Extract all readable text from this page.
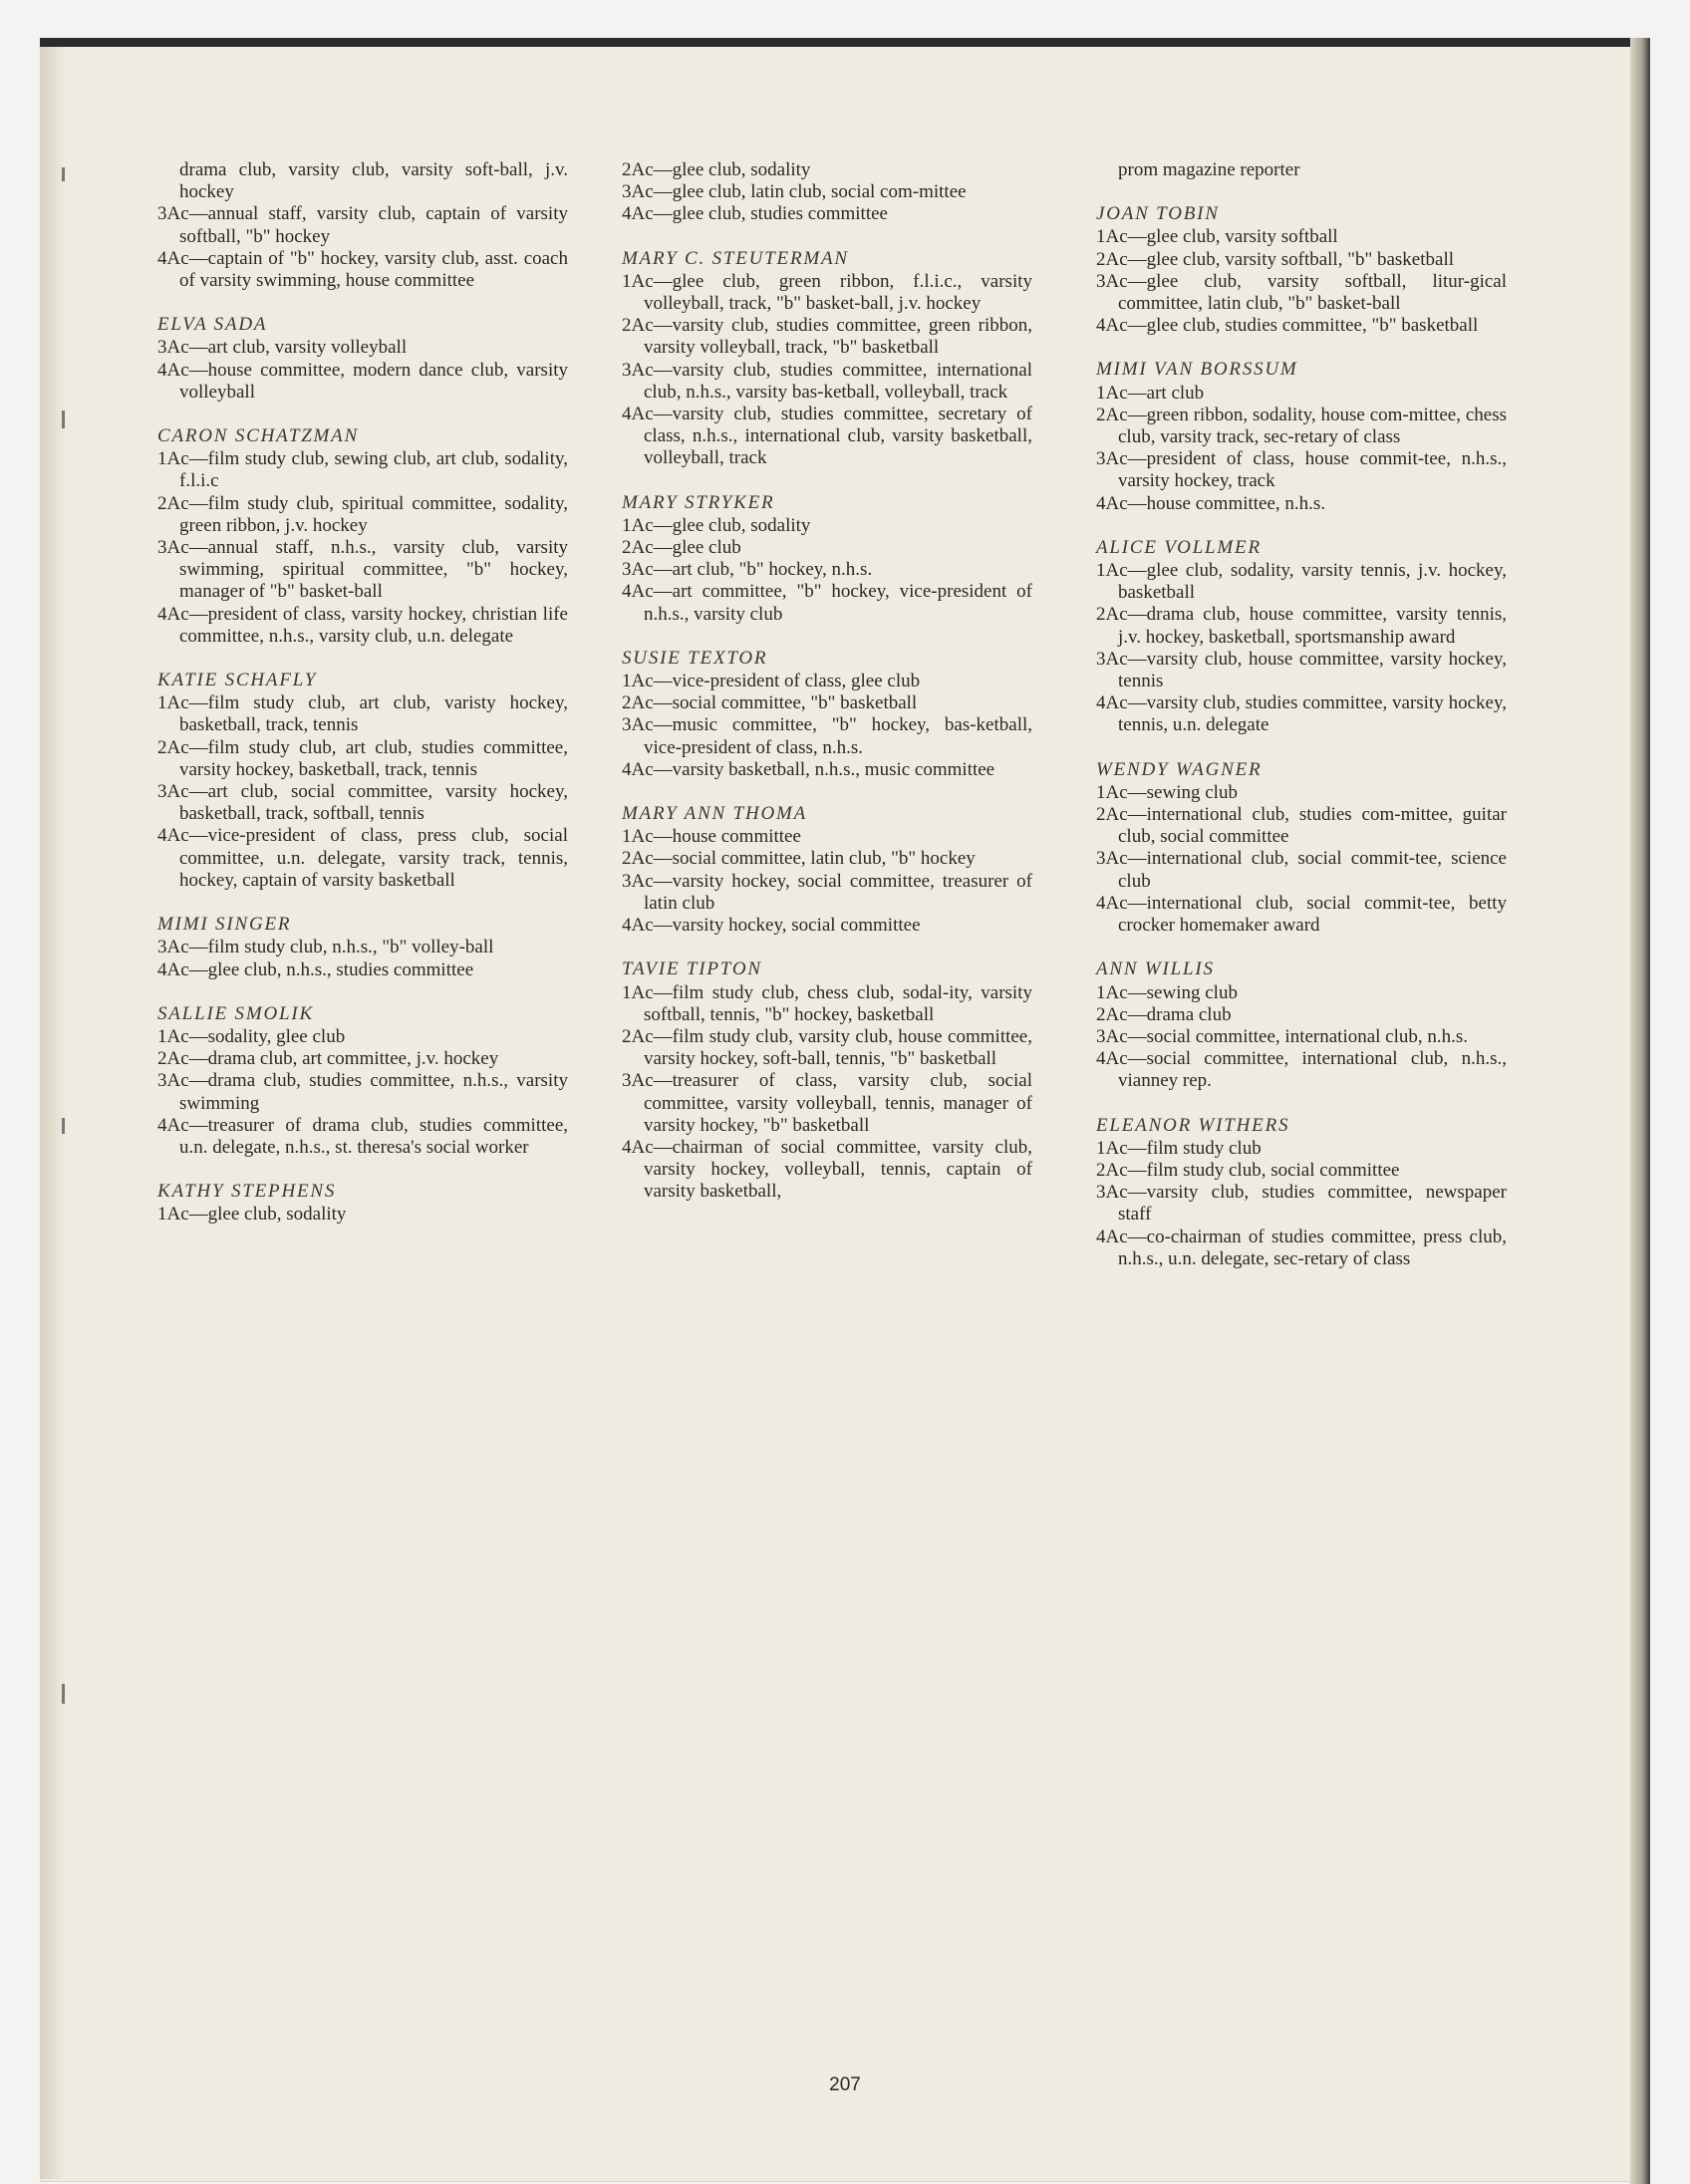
drama club, varsity club, varsity soft-ball, j.v. hockey
3Ac—annual staff, varsity club, captain of varsity softball, "b" hockey
4Ac—captain of "b" hockey, varsity club, asst. coach of varsity swimming, house committee
ELVA SADA
3Ac—art club, varsity volleyball
4Ac—house committee, modern dance club, varsity volleyball
CARON SCHATZMAN
1Ac—film study club, sewing club, art club, sodality, f.l.i.c
2Ac—film study club, spiritual committee, sodality, green ribbon, j.v. hockey
3Ac—annual staff, n.h.s., varsity club, varsity swimming, spiritual committee, "b" hockey, manager of "b" basket-ball
4Ac—president of class, varsity hockey, christian life committee, n.h.s., varsity club, u.n. delegate
KATIE SCHAFLY
1Ac—film study club, art club, varisty hockey, basketball, track, tennis
2Ac—film study club, art club, studies committee, varsity hockey, basketball, track, tennis
3Ac—art club, social committee, varsity hockey, basketball, track, softball, tennis
4Ac—vice-president of class, press club, social committee, u.n. delegate, varsity track, tennis, hockey, captain of varsity basketball
MIMI SINGER
3Ac—film study club, n.h.s., "b" volley-ball
4Ac—glee club, n.h.s., studies committee
SALLIE SMOLIK
1Ac—sodality, glee club
2Ac—drama club, art committee, j.v. hockey
3Ac—drama club, studies committee, n.h.s., varsity swimming
4Ac—treasurer of drama club, studies committee, u.n. delegate, n.h.s., st. theresa's social worker
KATHY STEPHENS
1Ac—glee club, sodality
2Ac—glee club, sodality
3Ac—glee club, latin club, social com-mittee
4Ac—glee club, studies committee
MARY C. STEUTERMAN
1Ac—glee club, green ribbon, f.l.i.c., varsity volleyball, track, "b" basket-ball, j.v. hockey
2Ac—varsity club, studies committee, green ribbon, varsity volleyball, track, "b" basketball
3Ac—varsity club, studies committee, international club, n.h.s., varsity bas-ketball, volleyball, track
4Ac—varsity club, studies committee, secretary of class, n.h.s., international club, varsity basketball, volleyball, track
MARY STRYKER
1Ac—glee club, sodality
2Ac—glee club
3Ac—art club, "b" hockey, n.h.s.
4Ac—art committee, "b" hockey, vice-president of n.h.s., varsity club
SUSIE TEXTOR
1Ac—vice-president of class, glee club
2Ac—social committee, "b" basketball
3Ac—music committee, "b" hockey, bas-ketball, vice-president of class, n.h.s.
4Ac—varsity basketball, n.h.s., music committee
MARY ANN THOMA
1Ac—house committee
2Ac—social committee, latin club, "b" hockey
3Ac—varsity hockey, social committee, treasurer of latin club
4Ac—varsity hockey, social committee
TAVIE TIPTON
1Ac—film study club, chess club, sodal-ity, varsity softball, tennis, "b" hockey, basketball
2Ac—film study club, varsity club, house committee, varsity hockey, soft-ball, tennis, "b" basketball
3Ac—treasurer of class, varsity club, social committee, varsity volleyball, tennis, manager of varsity hockey, "b" basketball
4Ac—chairman of social committee, varsity club, varsity hockey, volleyball, tennis, captain of varsity basketball,
prom magazine reporter
JOAN TOBIN
1Ac—glee club, varsity softball
2Ac—glee club, varsity softball, "b" basketball
3Ac—glee club, varsity softball, litur-gical committee, latin club, "b" basket-ball
4Ac—glee club, studies committee, "b" basketball
MIMI VAN BORSSUM
1Ac—art club
2Ac—green ribbon, sodality, house com-mittee, chess club, varsity track, sec-retary of class
3Ac—president of class, house commit-tee, n.h.s., varsity hockey, track
4Ac—house committee, n.h.s.
ALICE VOLLMER
1Ac—glee club, sodality, varsity tennis, j.v. hockey, basketball
2Ac—drama club, house committee, varsity tennis, j.v. hockey, basketball, sportsmanship award
3Ac—varsity club, house committee, varsity hockey, tennis
4Ac—varsity club, studies committee, varsity hockey, tennis, u.n. delegate
WENDY WAGNER
1Ac—sewing club
2Ac—international club, studies com-mittee, guitar club, social committee
3Ac—international club, social commit-tee, science club
4Ac—international club, social commit-tee, betty crocker homemaker award
ANN WILLIS
1Ac—sewing club
2Ac—drama club
3Ac—social committee, international club, n.h.s.
4Ac—social committee, international club, n.h.s., vianney rep.
ELEANOR WITHERS
1Ac—film study club
2Ac—film study club, social committee
3Ac—varsity club, studies committee, newspaper staff
4Ac—co-chairman of studies committee, press club, n.h.s., u.n. delegate, sec-retary of class
207
